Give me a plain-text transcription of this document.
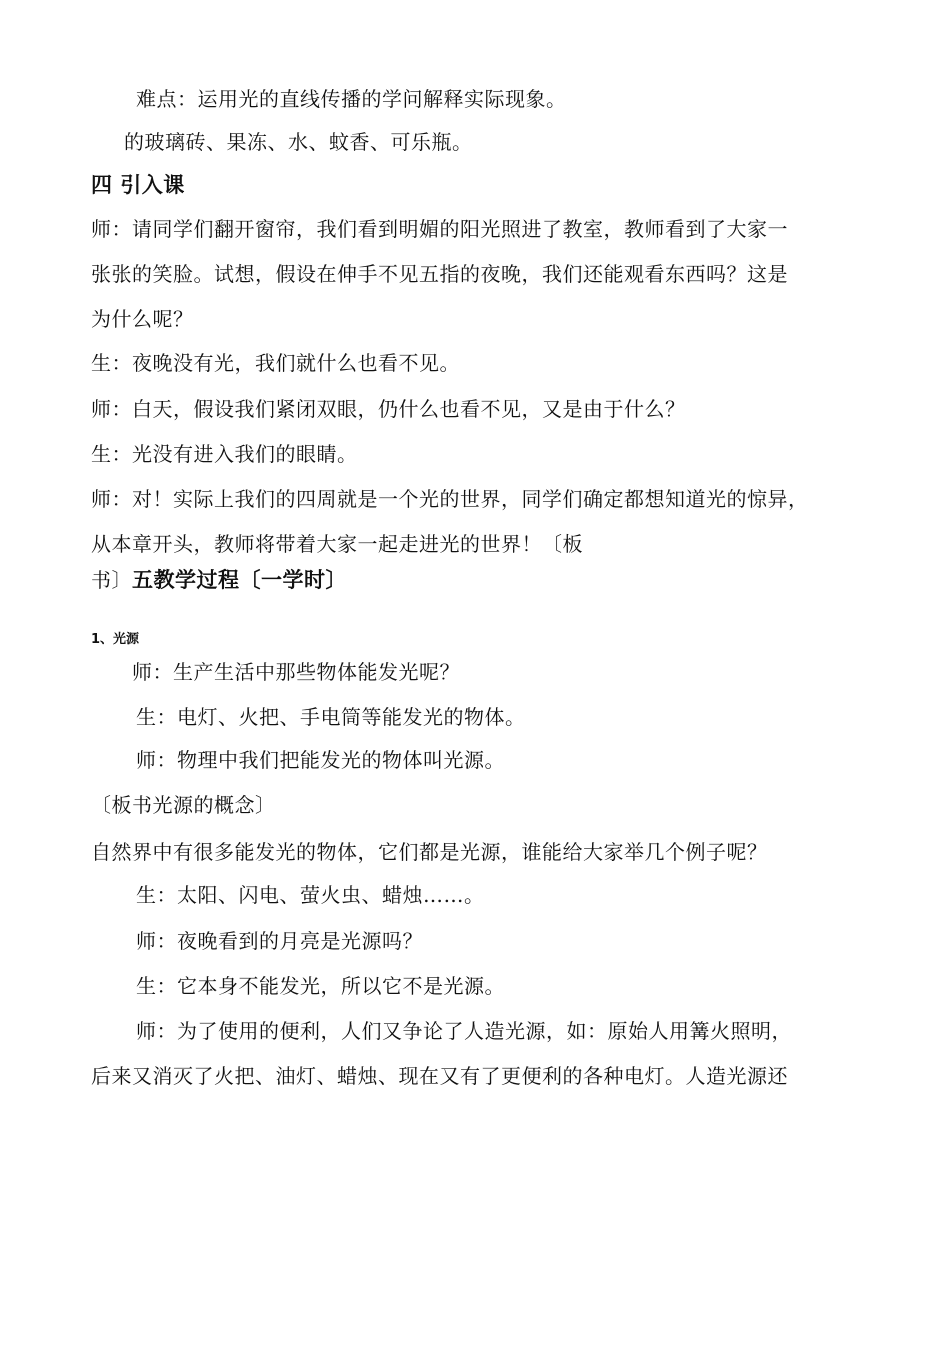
难点：运用光的直线传播的学问解释实际现象。
的玻璃砖、果冻、水、蚊香、可乐瓶。
四 引入课
师：请同学们翻开窗帘，我们看到明媚的阳光照进了教室，教师看到了大家一
张张的笑脸。试想，假设在伸手不见五指的夜晚，我们还能观看东西吗？这是
为什么呢？
生：夜晚没有光，我们就什么也看不见。
师：白天，假设我们紧闭双眼，仍什么也看不见，又是由于什么？
生：光没有进入我们的眼睛。
师：对！实际上我们的四周就是一个光的世界，同学们确定都想知道光的惊异，
从本章开头，教师将带着大家一起走进光的世界！〔板
书〕五教学过程〔一学时〕
1、光源
师：生产生活中那些物体能发光呢？
生：电灯、火把、手电筒等能发光的物体。
师：物理中我们把能发光的物体叫光源。
〔板书光源的概念〕
自然界中有很多能发光的物体，它们都是光源，谁能给大家举几个例子呢？
生：太阳、闪电、萤火虫、蜡烛……。
师：夜晚看到的月亮是光源吗？
生：它本身不能发光，所以它不是光源。
师：为了使用的便利，人们又争论了人造光源，如：原始人用篝火照明，
后来又消灭了火把、油灯、蜡烛、现在又有了更便利的各种电灯。人造光源还
